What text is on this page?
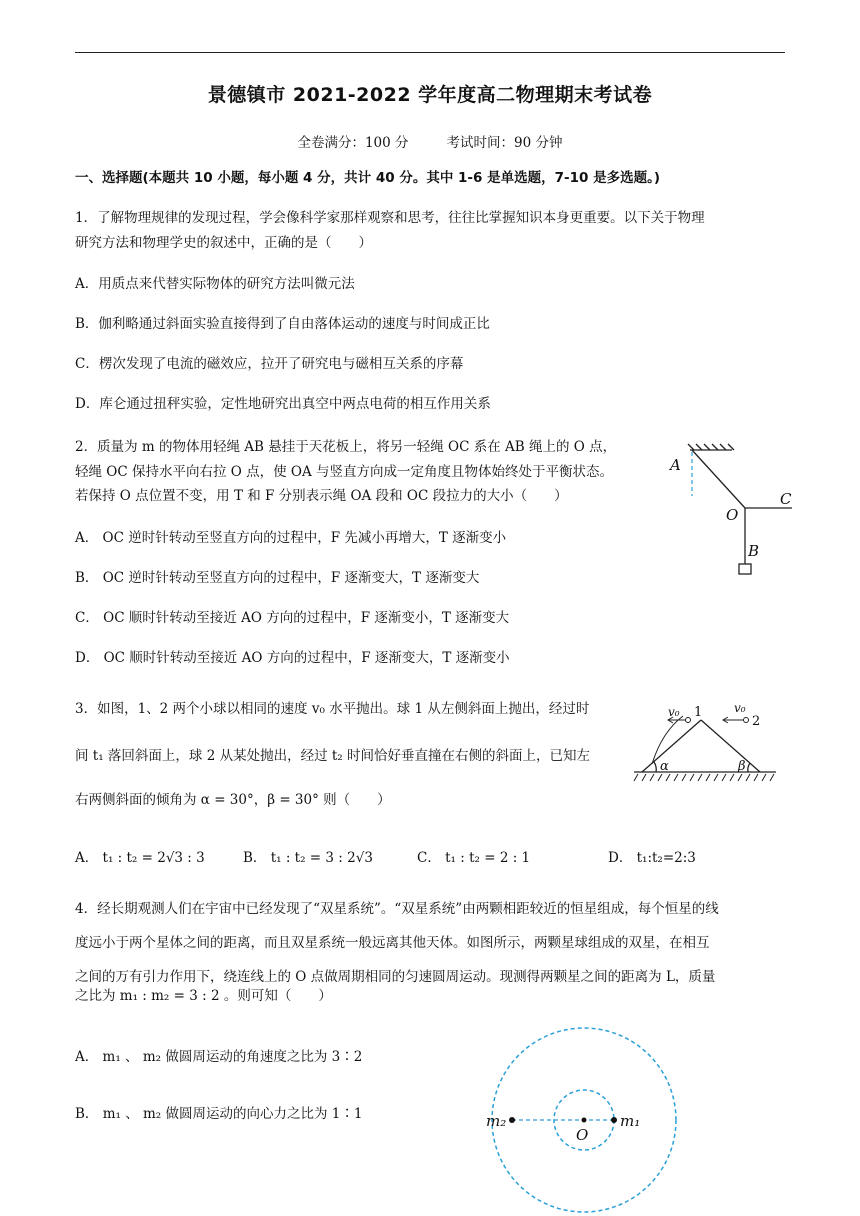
景德镇市 2021-2022 学年度高二物理期末考试卷
全卷满分：100 分	考试时间：90 分钟
一、选择题(本题共 10 小题，每小题 4 分，共计 40 分。其中 1-6 是单选题，7-10 是多选题。)
1．了解物理规律的发现过程，学会像科学家那样观察和思考，往往比掌握知识本身更重要。以下关于物理
研究方法和物理学史的叙述中，正确的是（　　）
A．用质点来代替实际物体的研究方法叫微元法
B．伽利略通过斜面实验直接得到了自由落体运动的速度与时间成正比
C．楞次发现了电流的磁效应，拉开了研究电与磁相互关系的序幕
D．库仑通过扭秤实验，定性地研究出真空中两点电荷的相互作用关系
2．质量为 m 的物体用轻绳 AB 悬挂于天花板上，将另一轻绳 OC 系在 AB 绳上的 O 点，
轻绳 OC 保持水平向右拉 O 点，使 OA 与竖直方向成一定角度且物体始终处于平衡状态。
若保持 O 点位置不变，用 T 和 F 分别表示绳 OA 段和 OC 段拉力的大小（　　）
A． OC 逆时针转动至竖直方向的过程中，F 先减小再增大，T 逐渐变小
B． OC 逆时针转动至竖直方向的过程中，F 逐渐变大，T 逐渐变大
C． OC 顺时针转动至接近 AO 方向的过程中，F 逐渐变小，T 逐渐变大
D． OC 顺时针转动至接近 AO 方向的过程中，F 逐渐变大，T 逐渐变小
A
O
C
B
3．如图，1、2 两个小球以相同的速度 v₀ 水平抛出。球 1 从左侧斜面上抛出，经过时
间 t₁ 落回斜面上，球 2 从某处抛出，经过 t₂ 时间恰好垂直撞在右侧的斜面上，已知左
右两侧斜面的倾角为 α = 30°，β = 30° 则（　　）
A． t₁ : t₂ = 2√3 : 3	B． t₁ : t₂ = 3 : 2√3	C． t₁ : t₂ = 2 : 1	D． t₁:t₂=2:3
v₀ 1	v₀
2
α	β
4．经长期观测人们在宇宙中已经发现了“双星系统”。“双星系统”由两颗相距较近的恒星组成，每个恒星的线
度远小于两个星体之间的距离，而且双星系统一般远离其他天体。如图所示，两颗星球组成的双星，在相互
之间的万有引力作用下，绕连线上的 O 点做周期相同的匀速圆周运动。现测得两颗星之间的距离为 L，质量
之比为 m₁ : m₂ = 3 : 2 。则可知（　　）
A． m₁ 、 m₂ 做圆周运动的角速度之比为 3∶2
B． m₁ 、 m₂ 做圆周运动的向心力之比为 1∶1	m₂
O
m₁
